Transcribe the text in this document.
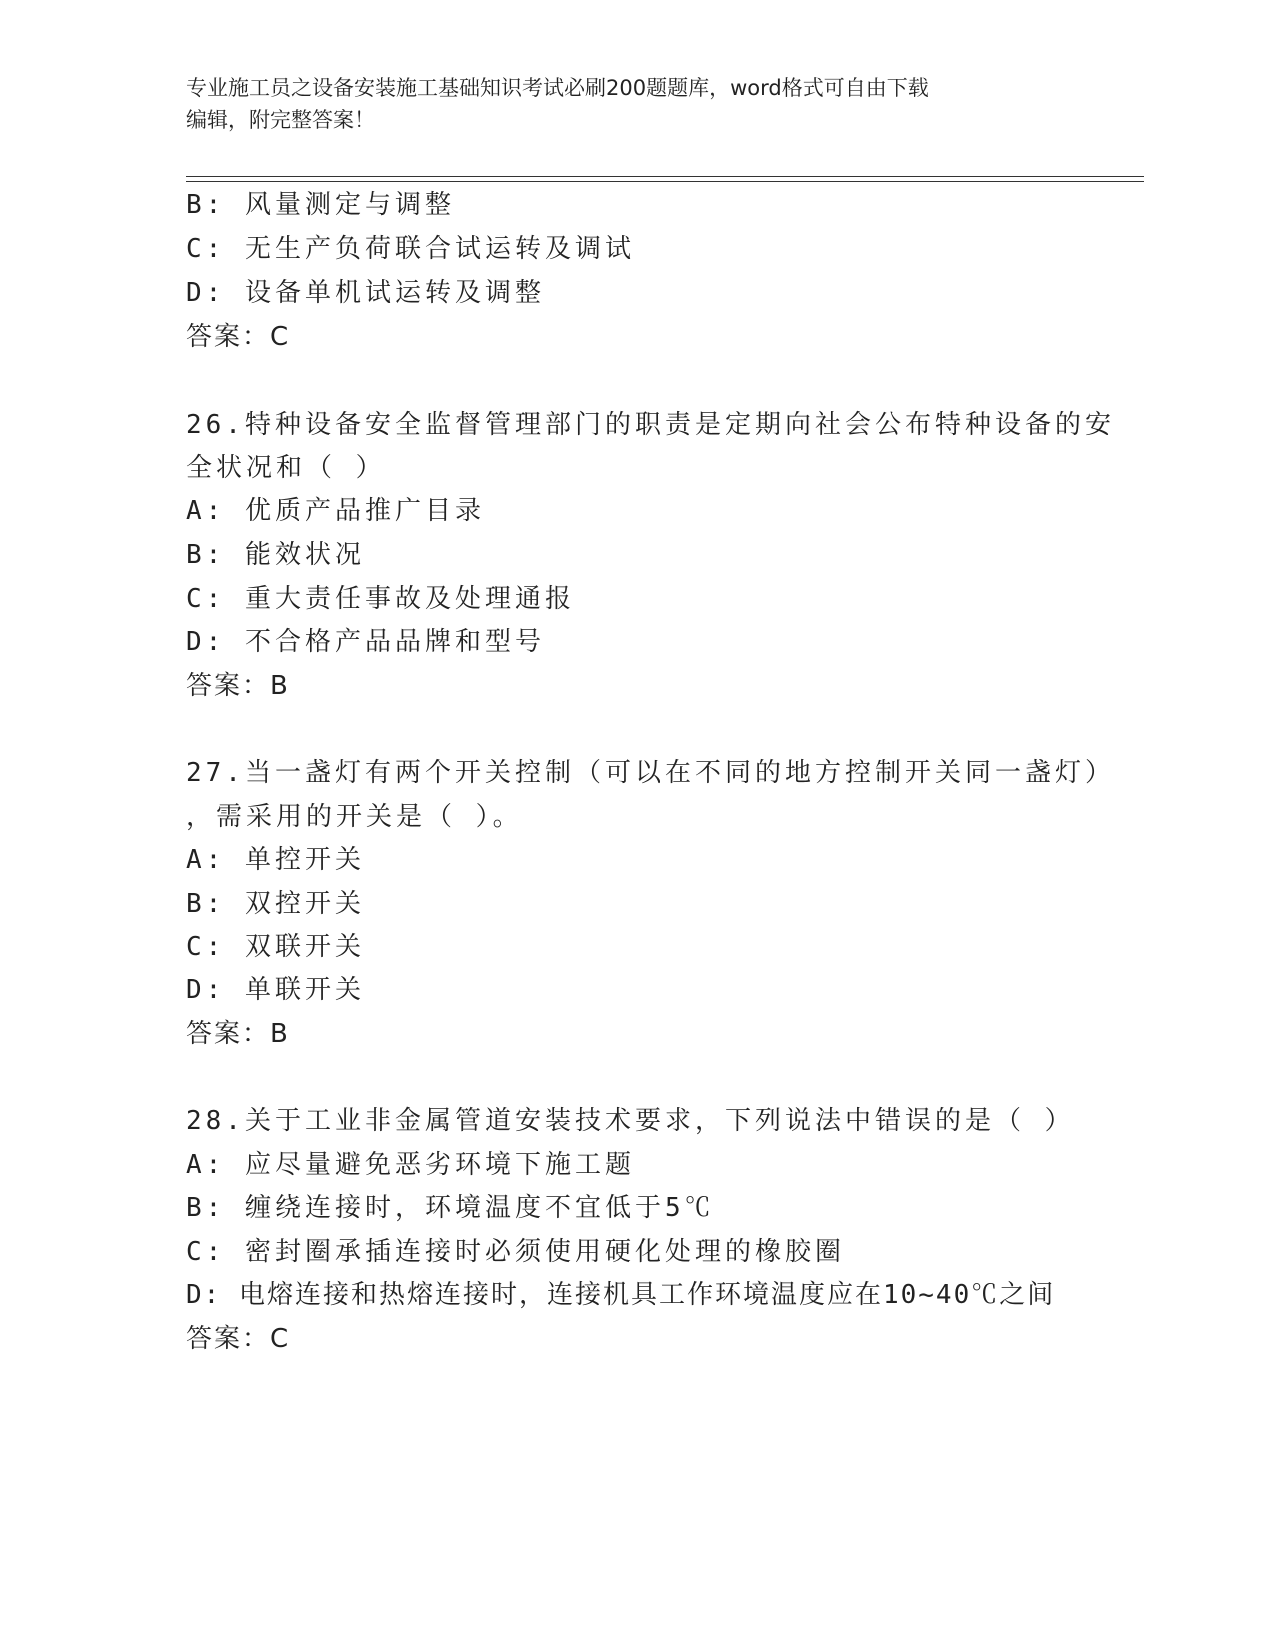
专业施工员之设备安装施工基础知识考试必刷200题题库，word格式可自由下载
编辑，附完整答案！
B: 风量测定与调整
C: 无生产负荷联合试运转及调试
D: 设备单机试运转及调整
答案：C
26.特种设备安全监督管理部门的职责是定期向社会公布特种设备的安
全状况和（ ）
A: 优质产品推广目录
B: 能效状况
C: 重大责任事故及处理通报
D: 不合格产品品牌和型号
答案：B
27.当一盏灯有两个开关控制（可以在不同的地方控制开关同一盏灯）
，需采用的开关是（ ）。
A: 单控开关
B: 双控开关
C: 双联开关
D: 单联开关
答案：B
28.关于工业非金属管道安装技术要求，下列说法中错误的是（ ）
A: 应尽量避免恶劣环境下施工题
B: 缠绕连接时，环境温度不宜低于5℃
C: 密封圈承插连接时必须使用硬化处理的橡胶圈
D: 电熔连接和热熔连接时，连接机具工作环境温度应在10~40℃之间
答案：C
